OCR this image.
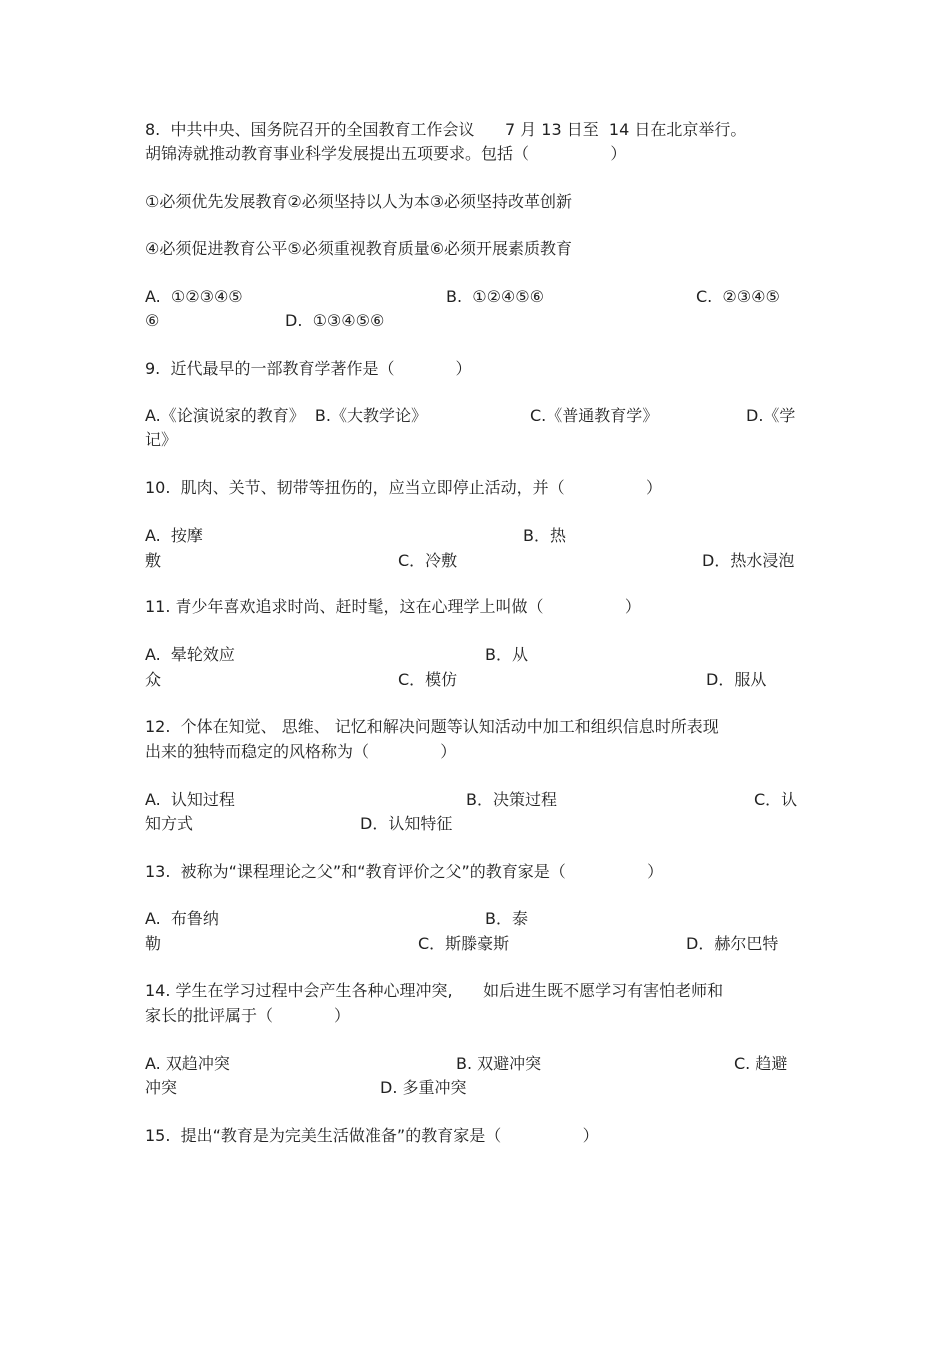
8.  中共中央、国务院召开的全国教育工作会议      7 月 13 日至  14 日在北京举行。
胡锦涛就推动教育事业科学发展提出五项要求。包括（                ）
①必须优先发展教育②必须坚持以人为本③必须坚持改革创新
④必须促进教育公平⑤必须重视教育质量⑥必须开展素质教育
A.  ①②③④⑤	B.  ①②④⑤⑥	C.  ②③④⑤
⑥	D.  ①③④⑤⑥
9.  近代最早的一部教育学著作是（            ）
A.《论演说家的教育》  B.《大教学论》	C.《普通教育学》	D.《学
记》
10.  肌肉、关节、韧带等扭伤的，应当立即停止活动，并（                ）
A.  按摩	B．热
敷	C．冷敷	D．热水浸泡
11. 青少年喜欢追求时尚、赶时髦，这在心理学上叫做（                ）
A.  晕轮效应	B．从
众	C．模仿	D．服从
12.  个体在知觉、 思维、 记忆和解决问题等认知活动中加工和组织信息时所表现
出来的独特而稳定的风格称为（              ）
A.  认知过程	B．决策过程	C．认
知方式	D．认知特征
13.  被称为“课程理论之父”和“教育评价之父”的教育家是（                ）
A.  布鲁纳	B．泰
勒	C．斯滕豪斯	D．赫尔巴特
14. 学生在学习过程中会产生各种心理冲突,      如后进生既不愿学习有害怕老师和
家长的批评属于（            ）
A. 双趋冲突	B. 双避冲突	C. 趋避
冲突	D. 多重冲突
15.  提出“教育是为完美生活做准备”的教育家是（                ）
